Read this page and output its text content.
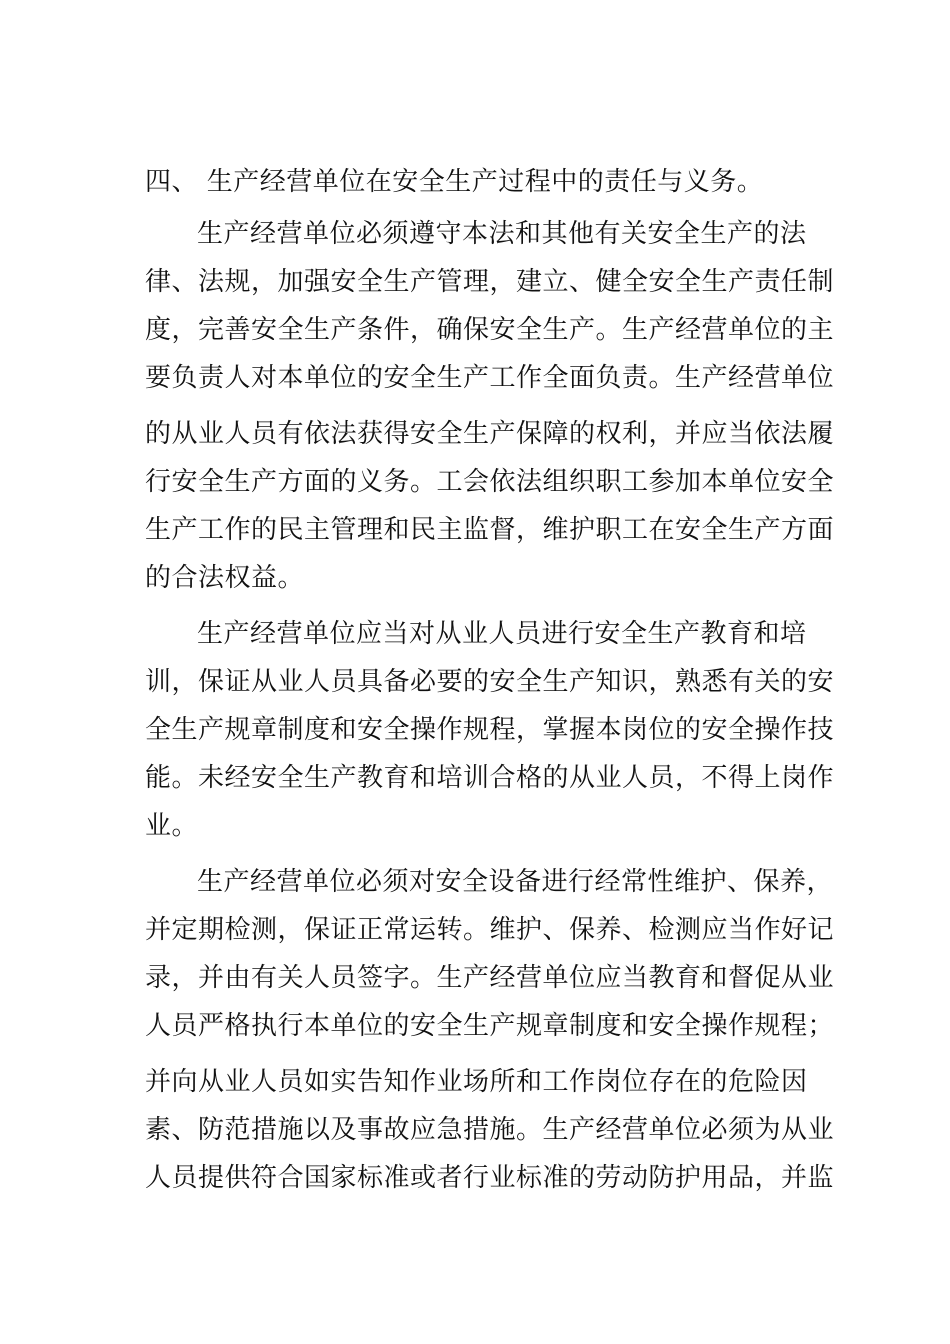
四、 生产经营单位在安全生产过程中的责任与义务。
生产经营单位必须遵守本法和其他有关安全生产的法
律、法规，加强安全生产管理，建立、健全安全生产责任制
度，完善安全生产条件，确保安全生产。生产经营单位的主
要负责人对本单位的安全生产工作全面负责。生产经营单位
的从业人员有依法获得安全生产保障的权利，并应当依法履
行安全生产方面的义务。工会依法组织职工参加本单位安全
生产工作的民主管理和民主监督，维护职工在安全生产方面
的合法权益。
生产经营单位应当对从业人员进行安全生产教育和培
训，保证从业人员具备必要的安全生产知识，熟悉有关的安
全生产规章制度和安全操作规程，掌握本岗位的安全操作技
能。未经安全生产教育和培训合格的从业人员，不得上岗作
业。
生产经营单位必须对安全设备进行经常性维护、保养，
并定期检测，保证正常运转。维护、保养、检测应当作好记
录，并由有关人员签字。生产经营单位应当教育和督促从业
人员严格执行本单位的安全生产规章制度和安全操作规程；
并向从业人员如实告知作业场所和工作岗位存在的危险因
素、防范措施以及事故应急措施。生产经营单位必须为从业
人员提供符合国家标准或者行业标准的劳动防护用品，并监
